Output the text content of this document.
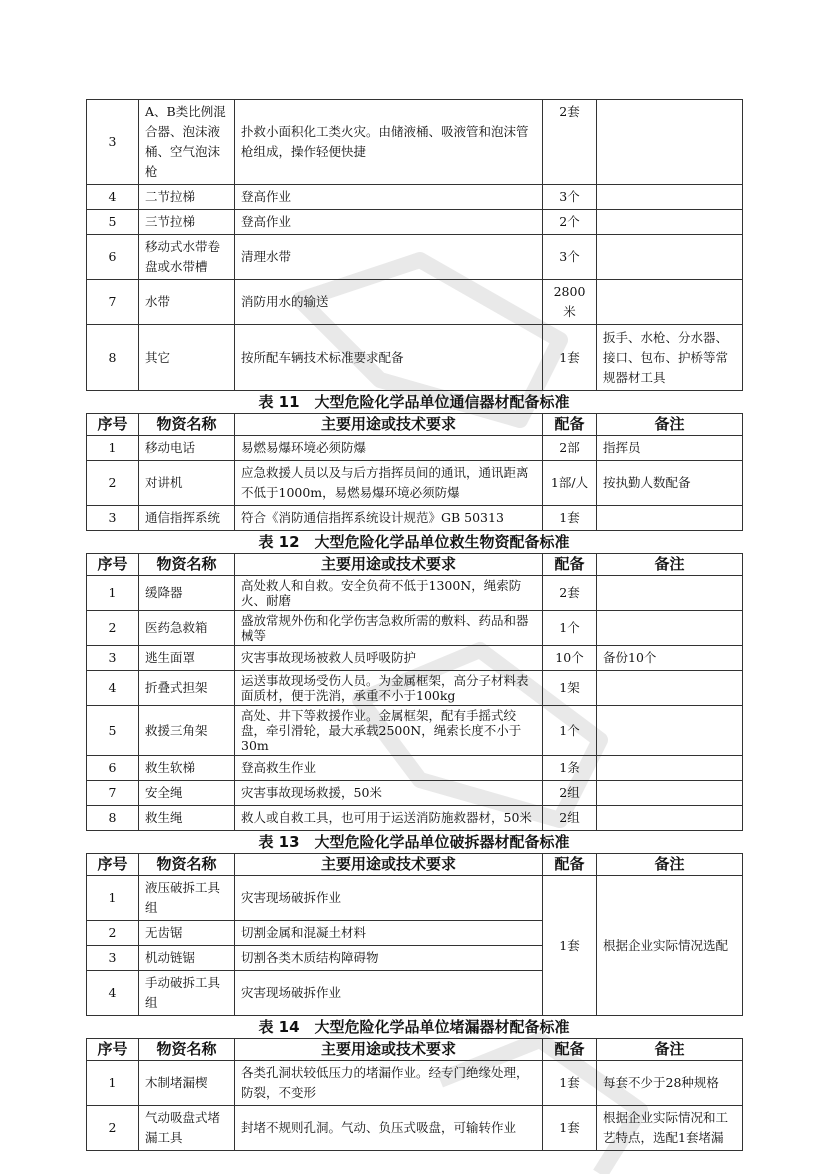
3	A、B类比例混合器、泡沫液桶、空气泡沫枪	扑救小面积化工类火灾。由储液桶、吸液管和泡沫管枪组成，操作轻便快捷	2套	
4	二节拉梯	登高作业	3个	
5	三节拉梯	登高作业	2个	
6	移动式水带卷盘或水带槽	清理水带	3个	
7	水带	消防用水的输送	2800米	
8	其它	按所配车辆技术标准要求配备	1套	扳手、水枪、分水器、接口、包布、护桥等常规器材工具
表 11　大型危险化学品单位通信器材配备标准
序号	物资名称	主要用途或技术要求	配备	备注
1	移动电话	易燃易爆环境必须防爆	2部	指挥员
2	对讲机	应急救援人员以及与后方指挥员间的通讯，通讯距离不低于1000m，易燃易爆环境必须防爆	1部/人	按执勤人数配备
3	通信指挥系统	符合《消防通信指挥系统设计规范》GB 50313	1套	
表 12　大型危险化学品单位救生物资配备标准
序号	物资名称	主要用途或技术要求	配备	备注
1	缓降器	高处救人和自救。安全负荷不低于1300N，绳索防火、耐磨	2套	
2	医药急救箱	盛放常规外伤和化学伤害急救所需的敷料、药品和器械等	1个	
3	逃生面罩	灾害事故现场被救人员呼吸防护	10个	备份10个
4	折叠式担架	运送事故现场受伤人员。为金属框架，高分子材料表面质材，便于洗消，承重不小于100kg	1架	
5	救援三角架	高处、井下等救援作业。金属框架，配有手摇式绞盘，牵引滑轮，最大承载2500N，绳索长度不小于30m	1个	
6	救生软梯	登高救生作业	1条	
7	安全绳	灾害事故现场救援，50米	2组	
8	救生绳	救人或自救工具，也可用于运送消防施救器材，50米	2组	
表 13　大型危险化学品单位破拆器材配备标准
序号	物资名称	主要用途或技术要求	配备	备注
1	液压破拆工具组	灾害现场破拆作业	1套	根据企业实际情况选配
2	无齿锯	切割金属和混凝土材料		
3	机动链锯	切割各类木质结构障碍物		
4	手动破拆工具组	灾害现场破拆作业		
表 14　大型危险化学品单位堵漏器材配备标准
序号	物资名称	主要用途或技术要求	配备	备注
1	木制堵漏楔	各类孔洞状较低压力的堵漏作业。经专门绝缘处理，防裂，不变形	1套	每套不少于28种规格
2	气动吸盘式堵漏工具	封堵不规则孔洞。气动、负压式吸盘，可输转作业	1套	根据企业实际情况和工艺特点，选配1套堵漏
